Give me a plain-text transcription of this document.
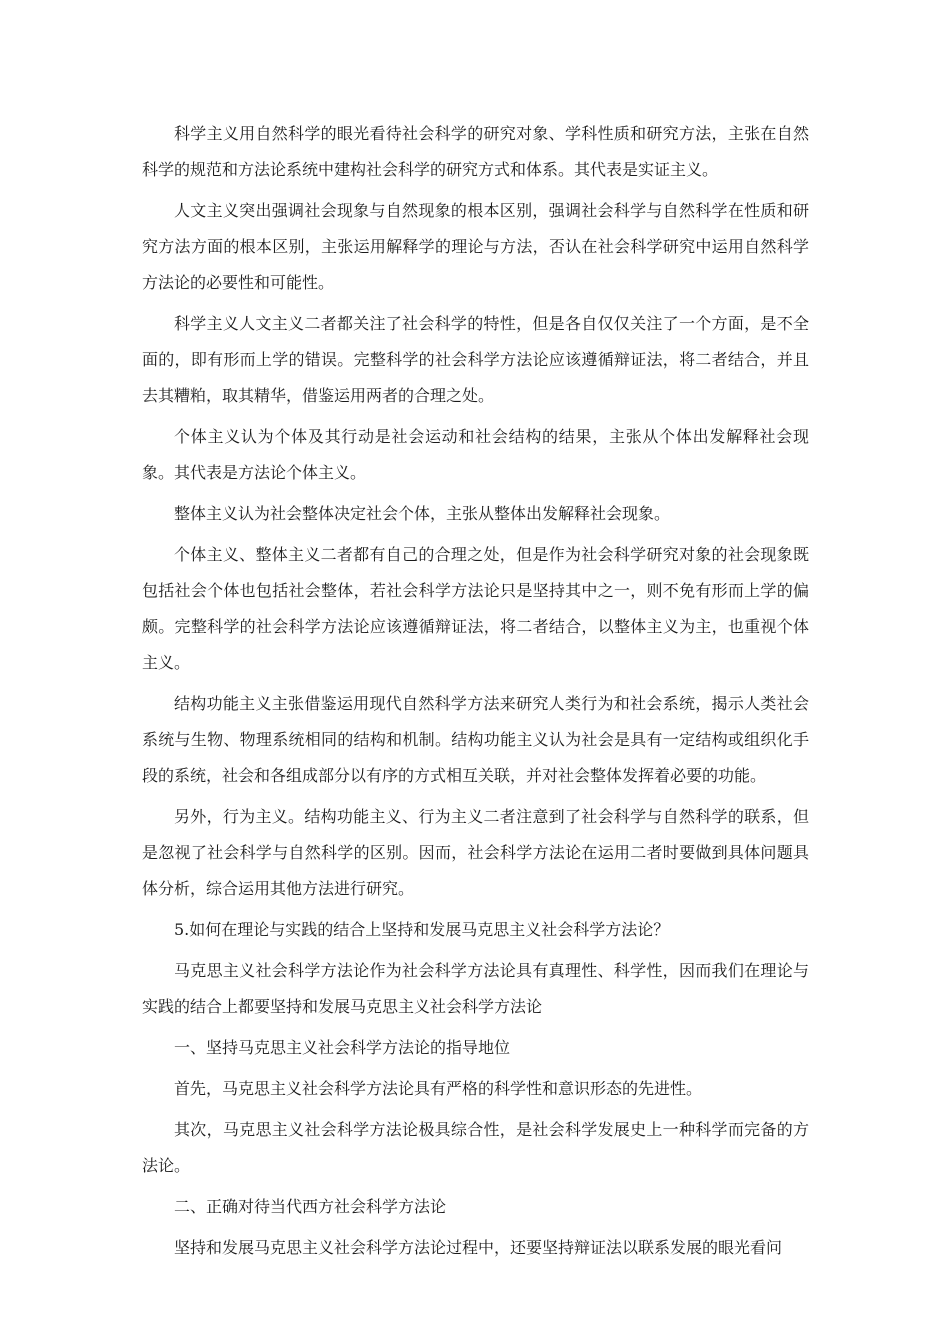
科学主义用自然科学的眼光看待社会科学的研究对象、学科性质和研究方法，主张在自然科学的规范和方法论系统中建构社会科学的研究方式和体系。其代表是实证主义。

人文主义突出强调社会现象与自然现象的根本区别，强调社会科学与自然科学在性质和研究方法方面的根本区别，主张运用解释学的理论与方法，否认在社会科学研究中运用自然科学方法论的必要性和可能性。

科学主义人文主义二者都关注了社会科学的特性，但是各自仅仅关注了一个方面，是不全面的，即有形而上学的错误。完整科学的社会科学方法论应该遵循辩证法，将二者结合，并且去其糟粕，取其精华，借鉴运用两者的合理之处。

个体主义认为个体及其行动是社会运动和社会结构的结果，主张从个体出发解释社会现象。其代表是方法论个体主义。

整体主义认为社会整体决定社会个体，主张从整体出发解释社会现象。

个体主义、整体主义二者都有自己的合理之处，但是作为社会科学研究对象的社会现象既包括社会个体也包括社会整体，若社会科学方法论只是坚持其中之一，则不免有形而上学的偏颇。完整科学的社会科学方法论应该遵循辩证法，将二者结合，以整体主义为主，也重视个体主义。

结构功能主义主张借鉴运用现代自然科学方法来研究人类行为和社会系统，揭示人类社会系统与生物、物理系统相同的结构和机制。结构功能主义认为社会是具有一定结构或组织化手段的系统，社会和各组成部分以有序的方式相互关联，并对社会整体发挥着必要的功能。

另外，行为主义。结构功能主义、行为主义二者注意到了社会科学与自然科学的联系，但是忽视了社会科学与自然科学的区别。因而，社会科学方法论在运用二者时要做到具体问题具体分析，综合运用其他方法进行研究。

5.如何在理论与实践的结合上坚持和发展马克思主义社会科学方法论？

马克思主义社会科学方法论作为社会科学方法论具有真理性、科学性，因而我们在理论与实践的结合上都要坚持和发展马克思主义社会科学方法论

一、坚持马克思主义社会科学方法论的指导地位

首先，马克思主义社会科学方法论具有严格的科学性和意识形态的先进性。

其次，马克思主义社会科学方法论极具综合性，是社会科学发展史上一种科学而完备的方法论。

二、正确对待当代西方社会科学方法论

坚持和发展马克思主义社会科学方法论过程中，还要坚持辩证法以联系发展的眼光看问
